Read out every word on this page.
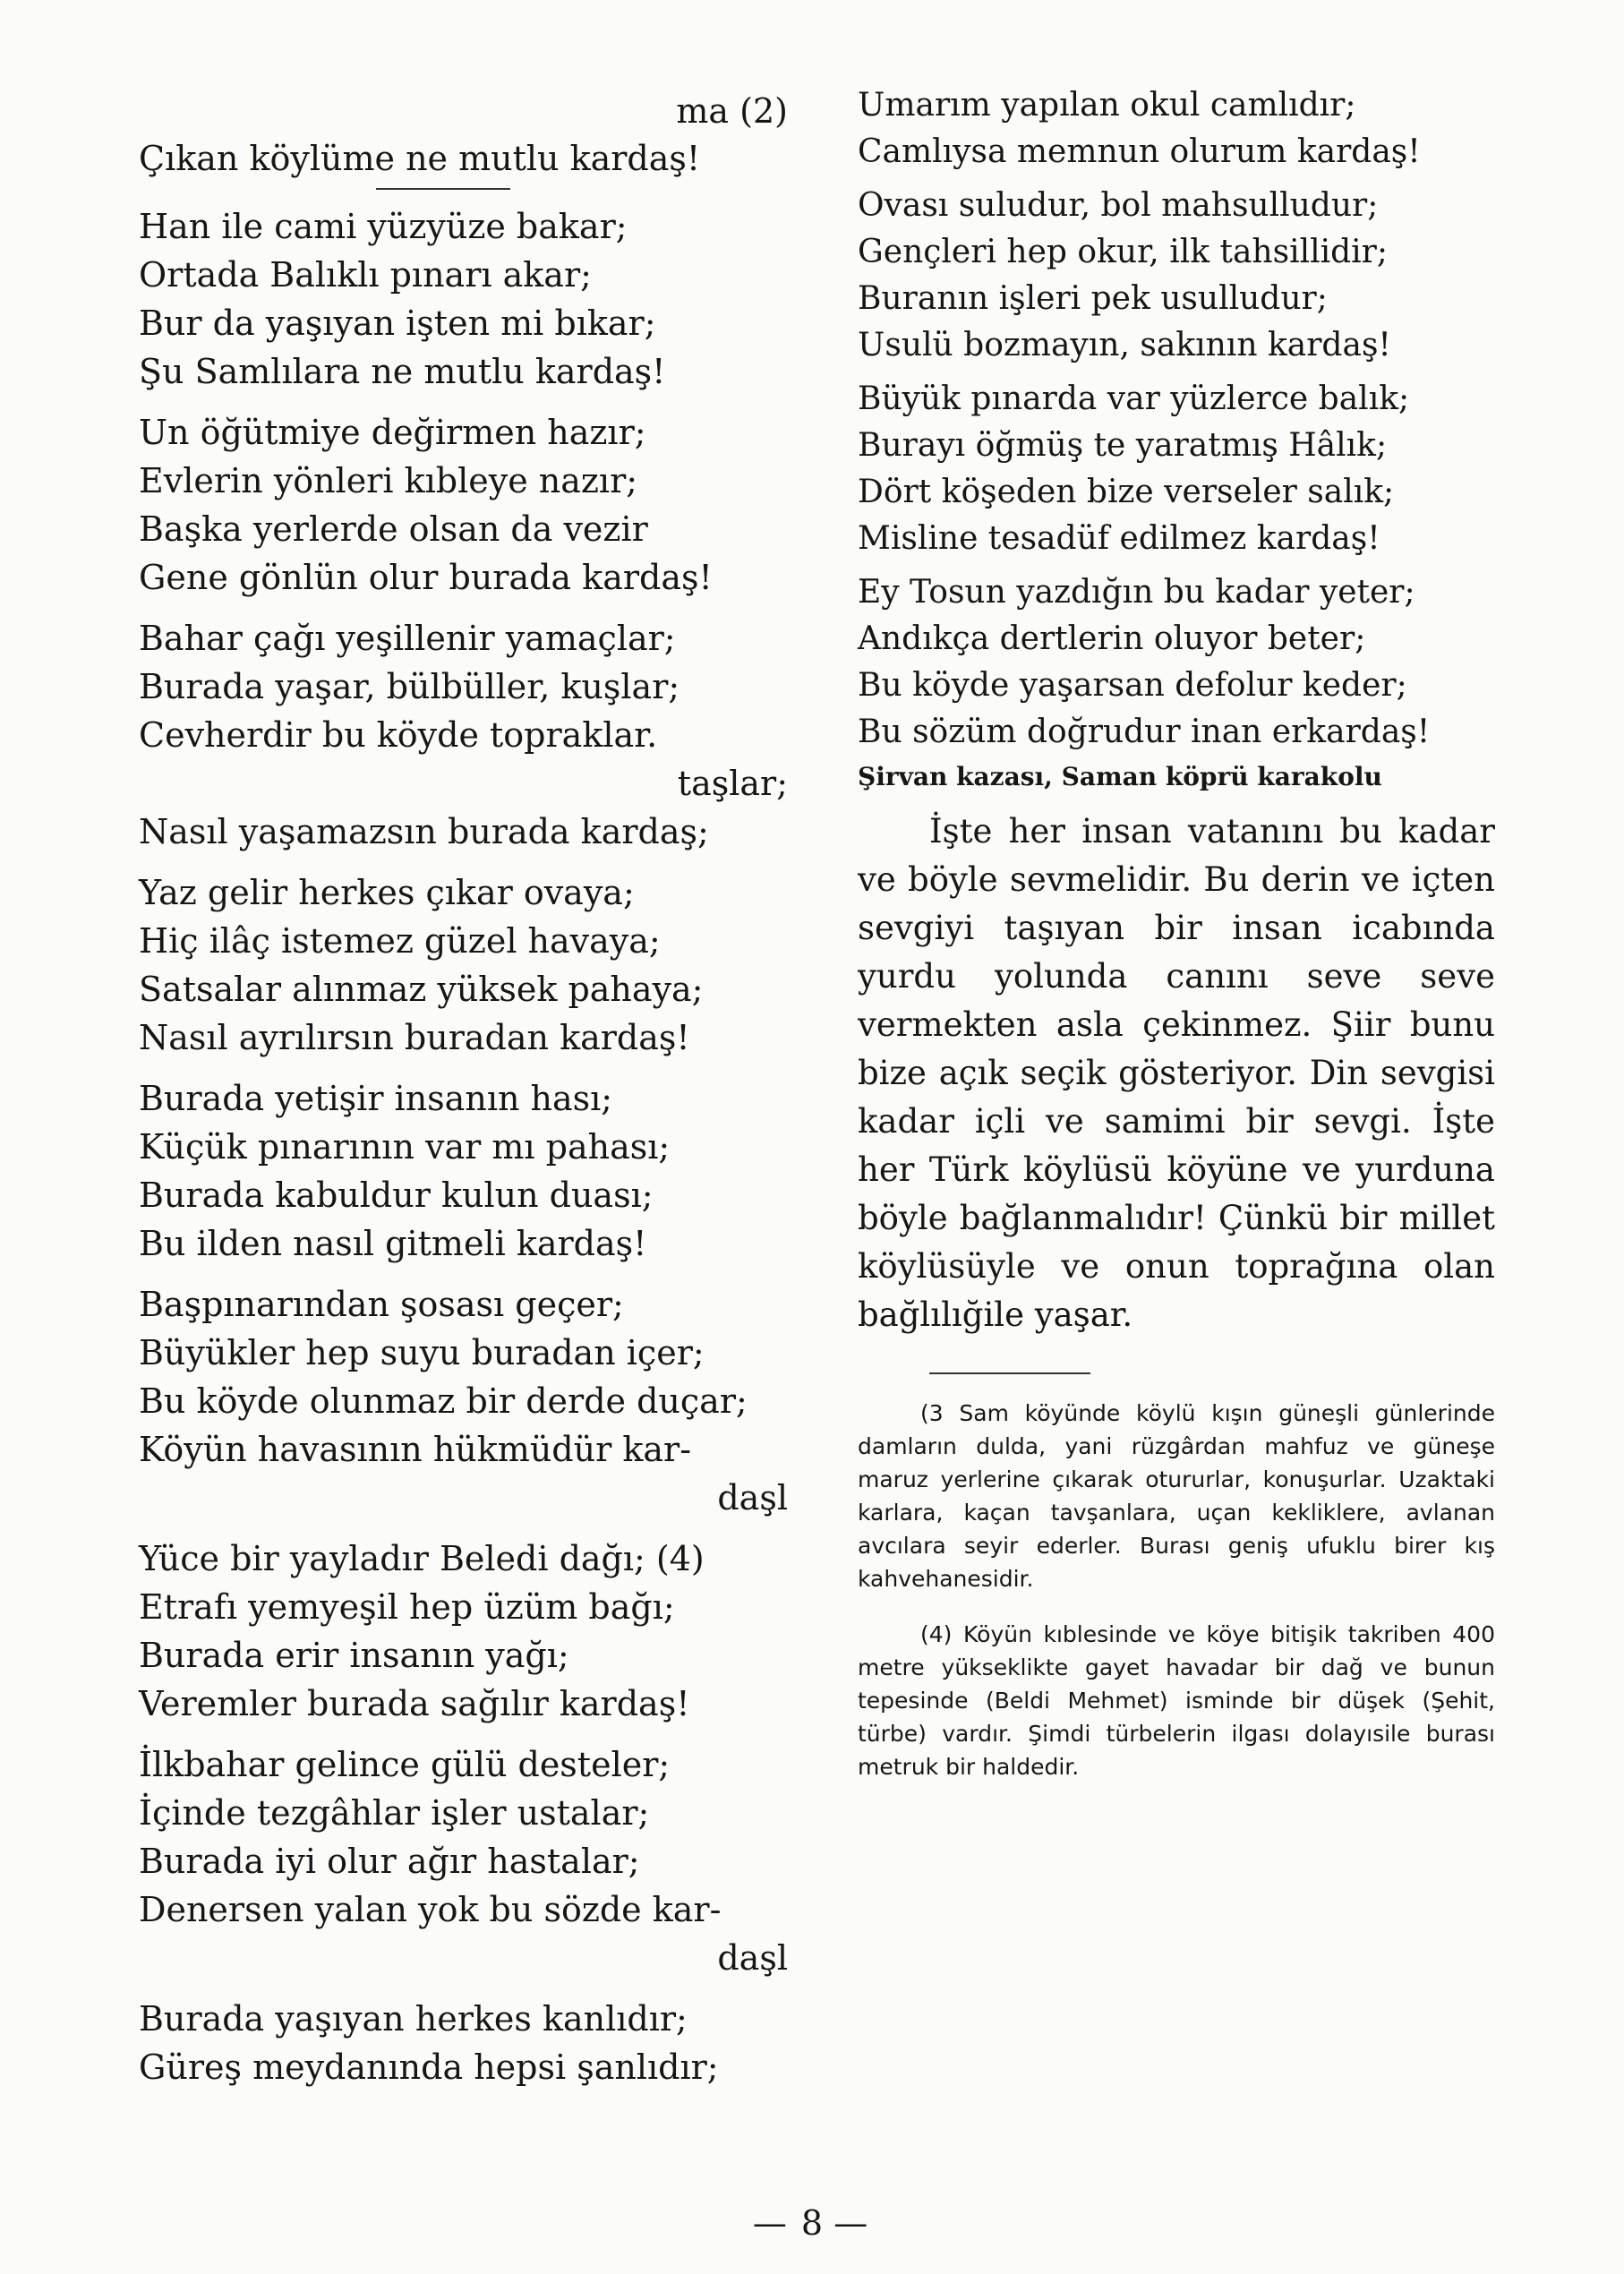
ma (2)
Çıkan köylüme ne mutlu kardaş!
Han ile cami yüzyüze bakar;
Ortada Balıklı pınarı akar;
Bur da yaşıyan işten mi bıkar;
Şu Samlılara ne mutlu kardaş!
Un öğütmiye değirmen hazır;
Evlerin yönleri kıbleye nazır;
Başka yerlerde olsan da vezir
Gene gönlün olur burada kardaş!
Bahar çağı yeşillenir yamaçlar;
Burada yaşar, bülbüller, kuşlar;
Cevherdir bu köyde topraklar.
taşlar;
Nasıl yaşamazsın burada kardaş;
Yaz gelir herkes çıkar ovaya;
Hiç ilâç istemez güzel havaya;
Satsalar alınmaz yüksek pahaya;
Nasıl ayrılırsın buradan kardaş!
Burada yetişir insanın hası;
Küçük pınarının var mı pahası;
Burada kabuldur kulun duası;
Bu ilden nasıl gitmeli kardaş!
Başpınarından şosası geçer;
Büyükler hep suyu buradan içer;
Bu köyde olunmaz bir derde duçar;
Köyün havasının hükmüdür kar-
daşl
Yüce bir yayladır Beledi dağı; (4)
Etrafı yemyeşil hep üzüm bağı;
Burada erir insanın yağı;
Veremler burada sağılır kardaş!
İlkbahar gelince gülü desteler;
İçinde tezgâhlar işler ustalar;
Burada iyi olur ağır hastalar;
Denersen yalan yok bu sözde kar-
daşl
Burada yaşıyan herkes kanlıdır;
Güreş meydanında hepsi şanlıdır;
Umarım yapılan okul camlıdır;
Camlıysa memnun olurum kardaş!
Ovası suludur, bol mahsulludur;
Gençleri hep okur, ilk tahsillidir;
Buranın işleri pek usulludur;
Usulü bozmayın, sakının kardaş!
Büyük pınarda var yüzlerce balık;
Burayı öğmüş te yaratmış Hâlık;
Dört köşeden bize verseler salık;
Misline tesadüf edilmez kardaş!
Ey Tosun yazdığın bu kadar yeter;
Andıkça dertlerin oluyor beter;
Bu köyde yaşarsan defolur keder;
Bu sözüm doğrudur inan erkardaş!
Şirvan kazası, Saman köprü karakolu

İşte her insan vatanını bu kadar ve böyle sevmelidir. Bu derin ve içten sevgiyi taşıyan bir insan icabında yurdu yolunda canını seve seve vermekten asla çekinmez. Şiir bunu bize açık seçik gösteriyor. Din sevgisi kadar içli ve samimi bir sevgi. İşte her Türk köylüsü köyüne ve yurduna böyle bağlanmalıdır! Çünkü bir millet köylüsüyle ve onun toprağına olan bağlılığile yaşar.

(3 Sam köyünde köylü kışın güneşli günlerinde damların dulda, yani rüzgârdan mahfuz ve güneşe maruz yerlerine çıkarak otururlar, konuşurlar. Uzaktaki karlara, kaçan tavşanlara, uçan kekliklere, avlanan avcılara seyir ederler. Burası geniş ufuklu birer kış kahvehanesidir.

(4) Köyün kıblesinde ve köye bitişik takriben 400 metre yükseklikte gayet havadar bir dağ ve bunun tepesinde (Beldi Mehmet) isminde bir düşek (Şehit, türbe) vardır. Şimdi türbelerin ilgası dolayısile burası metruk bir haldedir.

— 8 —
